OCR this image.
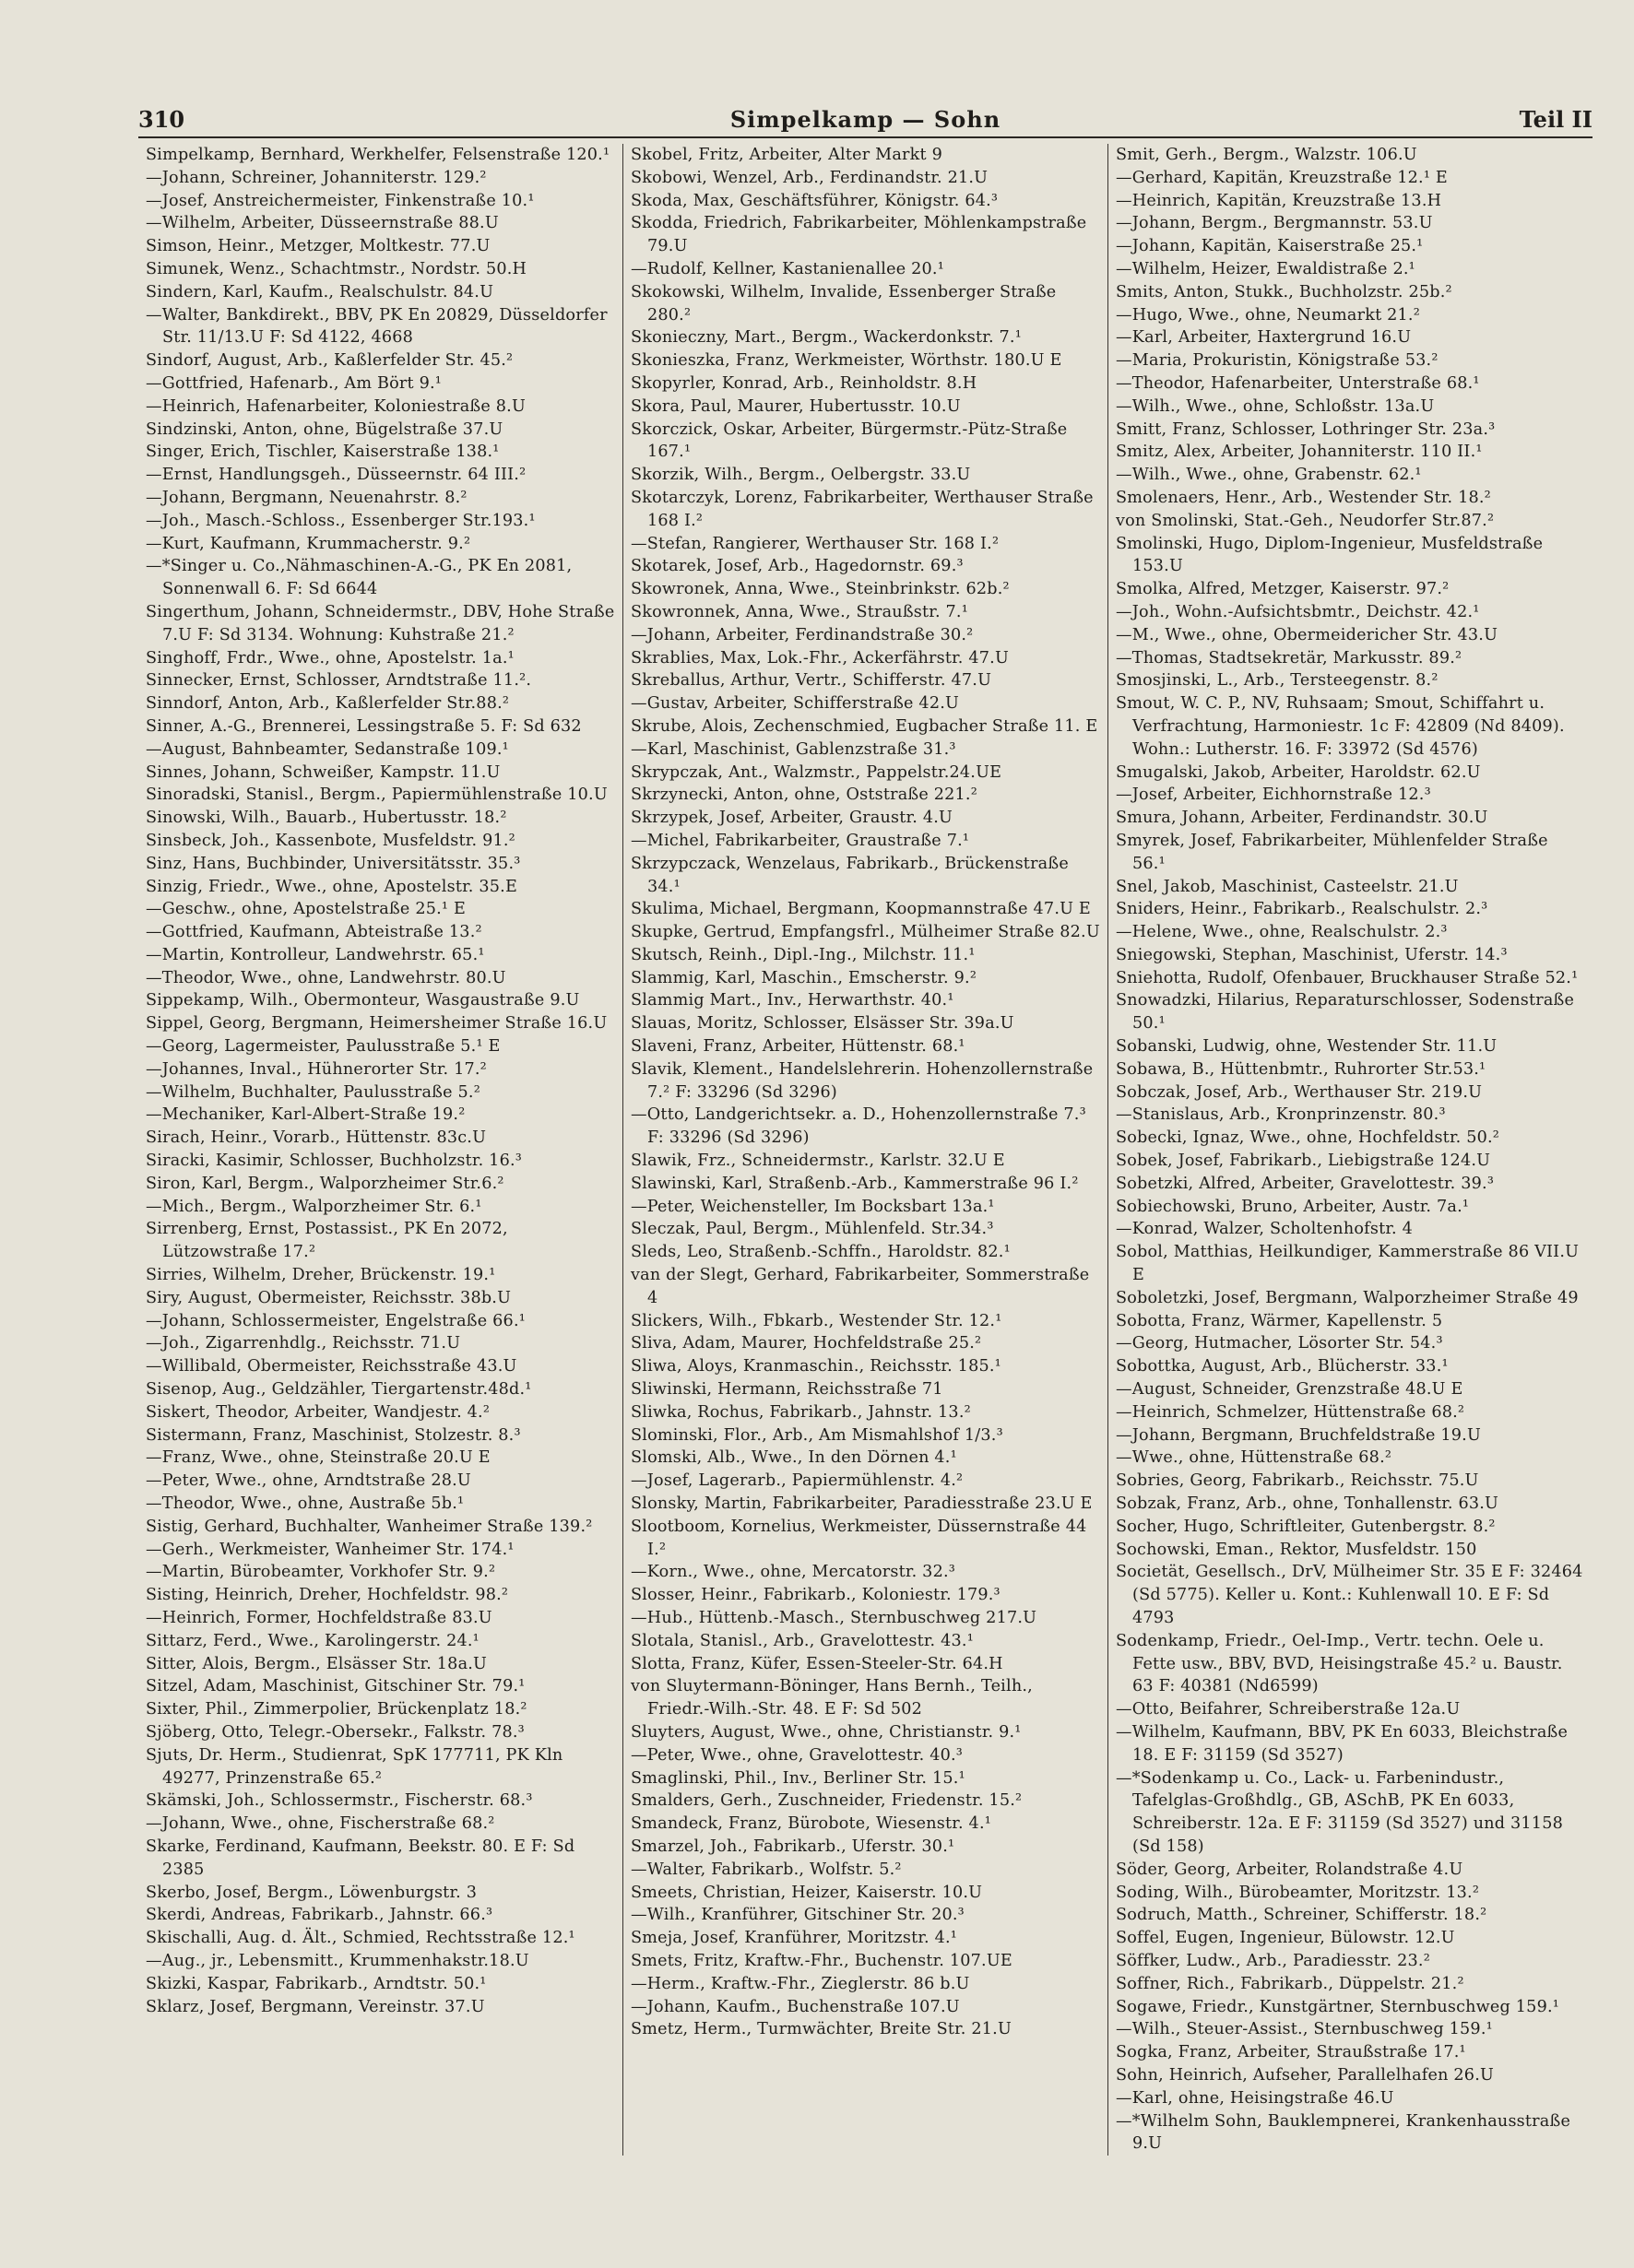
310	Simpelkamp — Sohn	Teil II

Simpelkamp, Bernhard, Werkhelfer, Felsenstraße 120.¹

—Johann, Schreiner, Johanniterstr. 129.²

—Josef, Anstreichermeister, Finkenstraße 10.¹

—Wilhelm, Arbeiter, Düsseernstraße 88.U

Simson, Heinr., Metzger, Moltkestr. 77.U

Simunek, Wenz., Schachtmstr., Nordstr. 50.H

Sindern, Karl, Kaufm., Realschulstr. 84.U

—Walter, Bankdirekt., BBV, PK En 20829, Düsseldorfer Str. 11/13.U F: Sd 4122, 4668

Sindorf, August, Arb., Kaßlerfelder Str. 45.²

—Gottfried, Hafenarb., Am Bört 9.¹

—Heinrich, Hafenarbeiter, Koloniestraße 8.U

Sindzinski, Anton, ohne, Bügelstraße 37.U

Singer, Erich, Tischler, Kaiserstraße 138.¹

—Ernst, Handlungsgeh., Düsseernstr. 64 III.²

—Johann, Bergmann, Neuenahrstr. 8.²

—Joh., Masch.-Schloss., Essenberger Str.193.¹

—Kurt, Kaufmann, Krummacherstr. 9.²

—*Singer u. Co.,Nähmaschinen-A.-G., PK En 2081, Sonnenwall 6. F: Sd 6644

Singerthum, Johann, Schneidermstr., DBV, Hohe Straße 7.U F: Sd 3134. Wohnung: Kuhstraße 21.²

Singhoff, Frdr., Wwe., ohne, Apostelstr. 1a.¹

Sinnecker, Ernst, Schlosser, Arndtstraße 11.².

Sinndorf, Anton, Arb., Kaßlerfelder Str.88.²

Sinner, A.-G., Brennerei, Lessingstraße 5. F: Sd 632

—August, Bahnbeamter, Sedanstraße 109.¹

Sinnes, Johann, Schweißer, Kampstr. 11.U

Sinoradski, Stanisl., Bergm., Papiermühlenstraße 10.U

Sinowski, Wilh., Bauarb., Hubertusstr. 18.²

Sinsbeck, Joh., Kassenbote, Musfeldstr. 91.²

Sinz, Hans, Buchbinder, Universitätsstr. 35.³

Sinzig, Friedr., Wwe., ohne, Apostelstr. 35.E

—Geschw., ohne, Apostelstraße 25.¹ E

—Gottfried, Kaufmann, Abteistraße 13.²

—Martin, Kontrolleur, Landwehrstr. 65.¹

—Theodor, Wwe., ohne, Landwehrstr. 80.U

Sippekamp, Wilh., Obermonteur, Wasgaustraße 9.U

Sippel, Georg, Bergmann, Heimersheimer Straße 16.U

—Georg, Lagermeister, Paulusstraße 5.¹ E

—Johannes, Inval., Hühnerorter Str. 17.²

—Wilhelm, Buchhalter, Paulusstraße 5.²

—Mechaniker, Karl-Albert-Straße 19.²

Sirach, Heinr., Vorarb., Hüttenstr. 83c.U

Siracki, Kasimir, Schlosser, Buchholzstr. 16.³

Siron, Karl, Bergm., Walporzheimer Str.6.²

—Mich., Bergm., Walporzheimer Str. 6.¹

Sirrenberg, Ernst, Postassist., PK En 2072, Lützowstraße 17.²

Sirries, Wilhelm, Dreher, Brückenstr. 19.¹

Siry, August, Obermeister, Reichsstr. 38b.U

—Johann, Schlossermeister, Engelstraße 66.¹

—Joh., Zigarrenhdlg., Reichsstr. 71.U

—Willibald, Obermeister, Reichsstraße 43.U

Sisenop, Aug., Geldzähler, Tiergartenstr.48d.¹

Siskert, Theodor, Arbeiter, Wandjestr. 4.²

Sistermann, Franz, Maschinist, Stolzestr. 8.³

—Franz, Wwe., ohne, Steinstraße 20.U E

—Peter, Wwe., ohne, Arndtstraße 28.U

—Theodor, Wwe., ohne, Austraße 5b.¹

Sistig, Gerhard, Buchhalter, Wanheimer Straße 139.²

—Gerh., Werkmeister, Wanheimer Str. 174.¹

—Martin, Bürobeamter, Vorkhofer Str. 9.²

Sisting, Heinrich, Dreher, Hochfeldstr. 98.²

—Heinrich, Former, Hochfeldstraße 83.U

Sittarz, Ferd., Wwe., Karolingerstr. 24.¹

Sitter, Alois, Bergm., Elsässer Str. 18a.U

Sitzel, Adam, Maschinist, Gitschiner Str. 79.¹

Sixter, Phil., Zimmerpolier, Brückenplatz 18.²

Sjöberg, Otto, Telegr.-Obersekr., Falkstr. 78.³

Sjuts, Dr. Herm., Studienrat, SpK 177711, PK Kln 49277, Prinzenstraße 65.²

Skämski, Joh., Schlossermstr., Fischerstr. 68.³

—Johann, Wwe., ohne, Fischerstraße 68.²

Skarke, Ferdinand, Kaufmann, Beekstr. 80. E F: Sd 2385

Skerbo, Josef, Bergm., Löwenburgstr. 3

Skerdi, Andreas, Fabrikarb., Jahnstr. 66.³

Skischalli, Aug. d. Ält., Schmied, Rechtsstraße 12.¹

—Aug., jr., Lebensmitt., Krummenhakstr.18.U

Skizki, Kaspar, Fabrikarb., Arndtstr. 50.¹

Sklarz, Josef, Bergmann, Vereinstr. 37.U

Skobel, Fritz, Arbeiter, Alter Markt 9

Skobowi, Wenzel, Arb., Ferdinandstr. 21.U

Skoda, Max, Geschäftsführer, Königstr. 64.³

Skodda, Friedrich, Fabrikarbeiter, Möhlenkampstraße 79.U

—Rudolf, Kellner, Kastanienallee 20.¹

Skokowski, Wilhelm, Invalide, Essenberger Straße 280.²

Skonieczny, Mart., Bergm., Wackerdonkstr. 7.¹

Skonieszka, Franz, Werkmeister, Wörthstr. 180.U E

Skopyrler, Konrad, Arb., Reinholdstr. 8.H

Skora, Paul, Maurer, Hubertusstr. 10.U

Skorczick, Oskar, Arbeiter, Bürgermstr.-Pütz-Straße 167.¹

Skorzik, Wilh., Bergm., Oelbergstr. 33.U

Skotarczyk, Lorenz, Fabrikarbeiter, Werthauser Straße 168 I.²

—Stefan, Rangierer, Werthauser Str. 168 I.²

Skotarek, Josef, Arb., Hagedornstr. 69.³

Skowronek, Anna, Wwe., Steinbrinkstr. 62b.²

Skowronnek, Anna, Wwe., Straußstr. 7.¹

—Johann, Arbeiter, Ferdinandstraße 30.²

Skrablies, Max, Lok.-Fhr., Ackerfährstr. 47.U

Skreballus, Arthur, Vertr., Schifferstr. 47.U

—Gustav, Arbeiter, Schifferstraße 42.U

Skrube, Alois, Zechenschmied, Eugbacher Straße 11. E

—Karl, Maschinist, Gablenzstraße 31.³

Skrypczak, Ant., Walzmstr., Pappelstr.24.UE

Skrzynecki, Anton, ohne, Oststraße 221.²

Skrzypek, Josef, Arbeiter, Graustr. 4.U

—Michel, Fabrikarbeiter, Graustraße 7.¹

Skrzypczack, Wenzelaus, Fabrikarb., Brückenstraße 34.¹

Skulima, Michael, Bergmann, Koopmannstraße 47.U E

Skupke, Gertrud, Empfangsfrl., Mülheimer Straße 82.U

Skutsch, Reinh., Dipl.-Ing., Milchstr. 11.¹

Slammig, Karl, Maschin., Emscherstr. 9.²

Slammig Mart., Inv., Herwarthstr. 40.¹

Slauas, Moritz, Schlosser, Elsässer Str. 39a.U

Slaveni, Franz, Arbeiter, Hüttenstr. 68.¹

Slavik, Klement., Handelslehrerin. Hohenzollernstraße 7.² F: 33296 (Sd 3296)

—Otto, Landgerichtsekr. a. D., Hohenzollernstraße 7.³ F: 33296 (Sd 3296)

Slawik, Frz., Schneidermstr., Karlstr. 32.U E

Slawinski, Karl, Straßenb.-Arb., Kammerstraße 96 I.²

—Peter, Weichensteller, Im Bocksbart 13a.¹

Sleczak, Paul, Bergm., Mühlenfeld. Str.34.³

Sleds, Leo, Straßenb.-Schffn., Haroldstr. 82.¹

van der Slegt, Gerhard, Fabrikarbeiter, Sommerstraße 4

Slickers, Wilh., Fbkarb., Westender Str. 12.¹

Sliva, Adam, Maurer, Hochfeldstraße 25.²

Sliwa, Aloys, Kranmaschin., Reichsstr. 185.¹

Sliwinski, Hermann, Reichsstraße 71

Sliwka, Rochus, Fabrikarb., Jahnstr. 13.²

Slominski, Flor., Arb., Am Mismahlshof 1/3.³

Slomski, Alb., Wwe., In den Dörnen 4.¹

—Josef, Lagerarb., Papiermühlenstr. 4.²

Slonsky, Martin, Fabrikarbeiter, Paradiesstraße 23.U E

Slootboom, Kornelius, Werkmeister, Düssernstraße 44 I.²

—Korn., Wwe., ohne, Mercatorstr. 32.³

Slosser, Heinr., Fabrikarb., Koloniestr. 179.³

—Hub., Hüttenb.-Masch., Sternbuschweg 217.U

Slotala, Stanisl., Arb., Gravelottestr. 43.¹

Slotta, Franz, Küfer, Essen-Steeler-Str. 64.H

von Sluytermann-Böninger, Hans Bernh., Teilh., Friedr.-Wilh.-Str. 48. E F: Sd 502

Sluyters, August, Wwe., ohne, Christianstr. 9.¹

—Peter, Wwe., ohne, Gravelottestr. 40.³

Smaglinski, Phil., Inv., Berliner Str. 15.¹

Smalders, Gerh., Zuschneider, Friedenstr. 15.²

Smandeck, Franz, Bürobote, Wiesenstr. 4.¹

Smarzel, Joh., Fabrikarb., Uferstr. 30.¹

—Walter, Fabrikarb., Wolfstr. 5.²

Smeets, Christian, Heizer, Kaiserstr. 10.U

—Wilh., Kranführer, Gitschiner Str. 20.³

Smeja, Josef, Kranführer, Moritzstr. 4.¹

Smets, Fritz, Kraftw.-Fhr., Buchenstr. 107.UE

—Herm., Kraftw.-Fhr., Zieglerstr. 86 b.U

—Johann, Kaufm., Buchenstraße 107.U

Smetz, Herm., Turmwächter, Breite Str. 21.U

Smit, Gerh., Bergm., Walzstr. 106.U

—Gerhard, Kapitän, Kreuzstraße 12.¹ E

—Heinrich, Kapitän, Kreuzstraße 13.H

—Johann, Bergm., Bergmannstr. 53.U

—Johann, Kapitän, Kaiserstraße 25.¹

—Wilhelm, Heizer, Ewaldistraße 2.¹

Smits, Anton, Stukk., Buchholzstr. 25b.²

—Hugo, Wwe., ohne, Neumarkt 21.²

—Karl, Arbeiter, Haxtergrund 16.U

—Maria, Prokuristin, Königstraße 53.²

—Theodor, Hafenarbeiter, Unterstraße 68.¹

—Wilh., Wwe., ohne, Schloßstr. 13a.U

Smitt, Franz, Schlosser, Lothringer Str. 23a.³

Smitz, Alex, Arbeiter, Johanniterstr. 110 II.¹

—Wilh., Wwe., ohne, Grabenstr. 62.¹

Smolenaers, Henr., Arb., Westender Str. 18.²

von Smolinski, Stat.-Geh., Neudorfer Str.87.²

Smolinski, Hugo, Diplom-Ingenieur, Musfeldstraße 153.U

Smolka, Alfred, Metzger, Kaiserstr. 97.²

—Joh., Wohn.-Aufsichtsbmtr., Deichstr. 42.¹

—M., Wwe., ohne, Obermeidericher Str. 43.U

—Thomas, Stadtsekretär, Markusstr. 89.²

Smosjinski, L., Arb., Tersteegenstr. 8.²

Smout, W. C. P., NV, Ruhsaam; Smout, Schiffahrt u. Verfrachtung, Harmoniestr. 1c F: 42809 (Nd 8409). Wohn.: Lutherstr. 16. F: 33972 (Sd 4576)

Smugalski, Jakob, Arbeiter, Haroldstr. 62.U

—Josef, Arbeiter, Eichhornstraße 12.³

Smura, Johann, Arbeiter, Ferdinandstr. 30.U

Smyrek, Josef, Fabrikarbeiter, Mühlenfelder Straße 56.¹

Snel, Jakob, Maschinist, Casteelstr. 21.U

Sniders, Heinr., Fabrikarb., Realschulstr. 2.³

—Helene, Wwe., ohne, Realschulstr. 2.³

Sniegowski, Stephan, Maschinist, Uferstr. 14.³

Sniehotta, Rudolf, Ofenbauer, Bruckhauser Straße 52.¹

Snowadzki, Hilarius, Reparaturschlosser, Sodenstraße 50.¹

Sobanski, Ludwig, ohne, Westender Str. 11.U

Sobawa, B., Hüttenbmtr., Ruhrorter Str.53.¹

Sobczak, Josef, Arb., Werthauser Str. 219.U

—Stanislaus, Arb., Kronprinzenstr. 80.³

Sobecki, Ignaz, Wwe., ohne, Hochfeldstr. 50.²

Sobek, Josef, Fabrikarb., Liebigstraße 124.U

Sobetzki, Alfred, Arbeiter, Gravelottestr. 39.³

Sobiechowski, Bruno, Arbeiter, Austr. 7a.¹

—Konrad, Walzer, Scholtenhofstr. 4

Sobol, Matthias, Heilkundiger, Kammerstraße 86 VII.U E

Soboletzki, Josef, Bergmann, Walporzheimer Straße 49

Sobotta, Franz, Wärmer, Kapellenstr. 5

—Georg, Hutmacher, Lösorter Str. 54.³

Sobottka, August, Arb., Blücherstr. 33.¹

—August, Schneider, Grenzstraße 48.U E

—Heinrich, Schmelzer, Hüttenstraße 68.²

—Johann, Bergmann, Bruchfeldstraße 19.U

—Wwe., ohne, Hüttenstraße 68.²

Sobries, Georg, Fabrikarb., Reichsstr. 75.U

Sobzak, Franz, Arb., ohne, Tonhallenstr. 63.U

Socher, Hugo, Schriftleiter, Gutenbergstr. 8.²

Sochowski, Eman., Rektor, Musfeldstr. 150

Societät, Gesellsch., DrV, Mülheimer Str. 35 E F: 32464 (Sd 5775). Keller u. Kont.: Kuhlenwall 10. E F: Sd 4793

Sodenkamp, Friedr., Oel-Imp., Vertr. techn. Oele u. Fette usw., BBV, BVD, Heisingstraße 45.² u. Baustr. 63 F: 40381 (Nd6599)

—Otto, Beifahrer, Schreiberstraße 12a.U

—Wilhelm, Kaufmann, BBV, PK En 6033, Bleichstraße 18. E F: 31159 (Sd 3527)

—*Sodenkamp u. Co., Lack- u. Farbenindustr., Tafelglas-Großhdlg., GB, ASchB, PK En 6033, Schreiberstr. 12a. E F: 31159 (Sd 3527) und 31158 (Sd 158)

Söder, Georg, Arbeiter, Rolandstraße 4.U

Soding, Wilh., Bürobeamter, Moritzstr. 13.²

Sodruch, Matth., Schreiner, Schifferstr. 18.²

Soffel, Eugen, Ingenieur, Bülowstr. 12.U

Söffker, Ludw., Arb., Paradiesstr. 23.²

Soffner, Rich., Fabrikarb., Düppelstr. 21.²

Sogawe, Friedr., Kunstgärtner, Sternbuschweg 159.¹

—Wilh., Steuer-Assist., Sternbuschweg 159.¹

Sogka, Franz, Arbeiter, Straußstraße 17.¹

Sohn, Heinrich, Aufseher, Parallelhafen 26.U

—Karl, ohne, Heisingstraße 46.U

—*Wilhelm Sohn, Bauklempnerei, Krankenhausstraße 9.U
